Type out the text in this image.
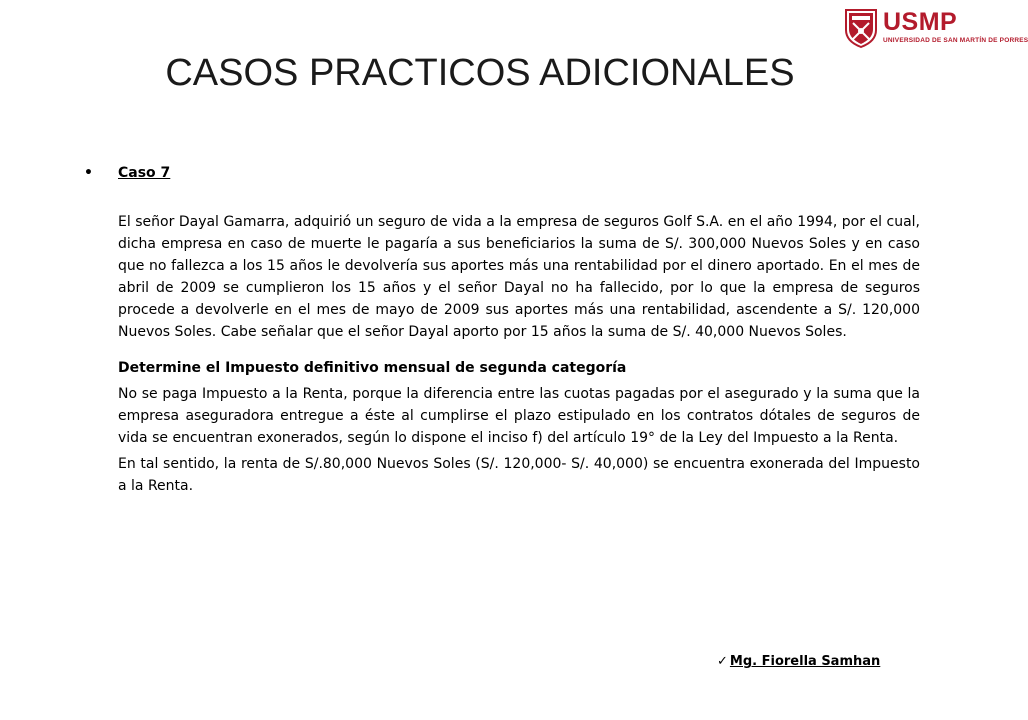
USMP
UNIVERSIDAD DE SAN MARTÍN DE PORRES
CASOS PRACTICOS ADICIONALES
• Caso 7

El señor Dayal Gamarra, adquirió un seguro de vida a la empresa de seguros Golf S.A. en el año 1994, por el cual, dicha empresa en caso de muerte le pagaría a sus beneficiarios la suma de S/. 300,000 Nuevos Soles y en caso que no fallezca a los 15 años le devolvería sus aportes más una rentabilidad por el dinero aportado. En el mes de abril de 2009 se cumplieron los 15 años y el señor Dayal no ha fallecido, por lo que la empresa de seguros procede a devolverle en el mes de mayo de 2009 sus aportes más una rentabilidad, ascendente a S/. 120,000 Nuevos Soles. Cabe señalar que el señor Dayal aporto por 15 años la suma de S/. 40,000 Nuevos Soles.

Determine el Impuesto definitivo mensual de segunda categoría

No se paga Impuesto a la Renta, porque la diferencia entre las cuotas pagadas por el asegurado y la suma que la empresa aseguradora entregue a éste al cumplirse el plazo estipulado en los contratos dótales de seguros de vida se encuentran exonerados, según lo dispone el inciso f) del artículo 19° de la Ley del Impuesto a la Renta.

En tal sentido, la renta de S/.80,000 Nuevos Soles (S/. 120,000- S/. 40,000) se encuentra exonerada del Impuesto a la Renta.

✓ Mg. Fiorella Samhan
